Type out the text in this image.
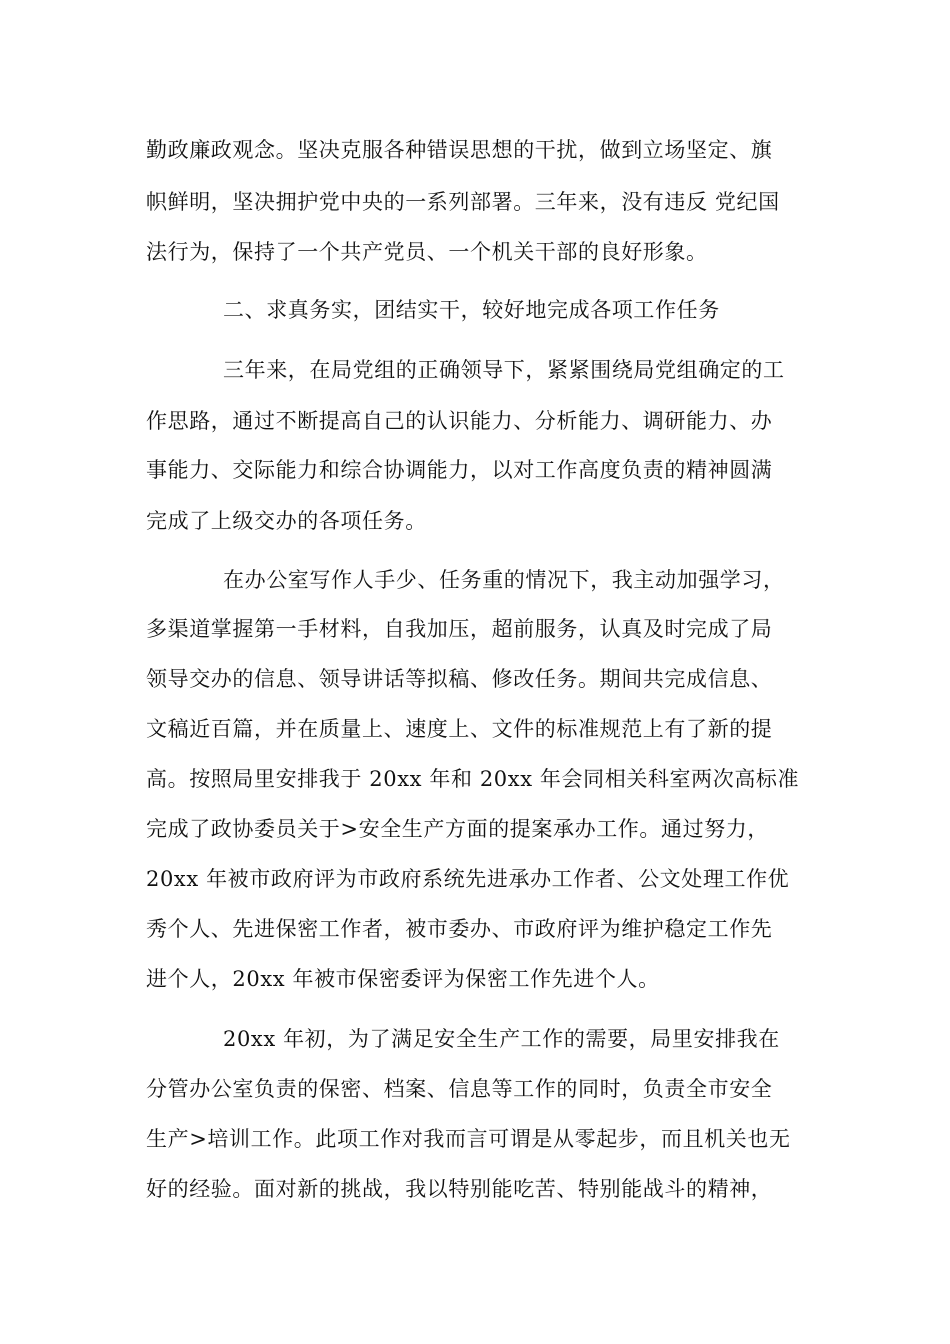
勤政廉政观念。坚决克服各种错误思想的干扰，做到立场坚定、旗
帜鲜明，坚决拥护党中央的一系列部署。三年来，没有违反 党纪国
法行为，保持了一个共产党员、一个机关干部的良好形象。
二、求真务实，团结实干，较好地完成各项工作任务
三年来，在局党组的正确领导下，紧紧围绕局党组确定的工
作思路，通过不断提高自己的认识能力、分析能力、调研能力、办
事能力、交际能力和综合协调能力，以对工作高度负责的精神圆满
完成了上级交办的各项任务。
在办公室写作人手少、任务重的情况下，我主动加强学习，
多渠道掌握第一手材料，自我加压，超前服务，认真及时完成了局
领导交办的信息、领导讲话等拟稿、修改任务。期间共完成信息、
文稿近百篇，并在质量上、速度上、文件的标准规范上有了新的提
高。按照局里安排我于 20xx 年和 20xx 年会同相关科室两次高标准
完成了政协委员关于>安全生产方面的提案承办工作。通过努力，
20xx 年被市政府评为市政府系统先进承办工作者、公文处理工作优
秀个人、先进保密工作者，被市委办、市政府评为维护稳定工作先
进个人，20xx 年被市保密委评为保密工作先进个人。
20xx 年初，为了满足安全生产工作的需要，局里安排我在
分管办公室负责的保密、档案、信息等工作的同时，负责全市安全
生产>培训工作。此项工作对我而言可谓是从零起步，而且机关也无
好的经验。面对新的挑战，我以特别能吃苦、特别能战斗的精神，
